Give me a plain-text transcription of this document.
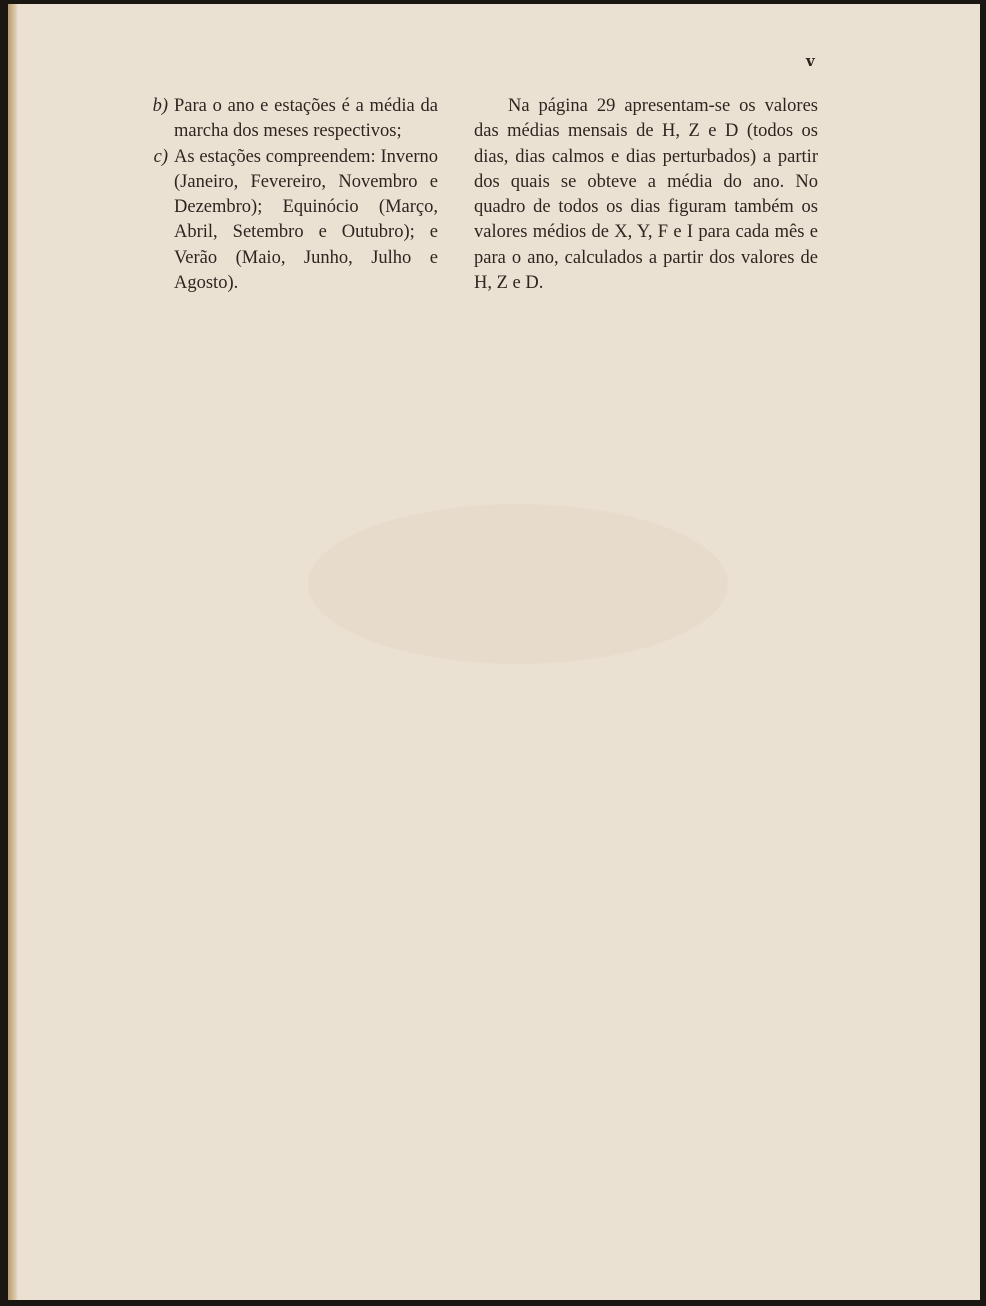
v
b) Para o ano e estações é a média da marcha dos meses respectivos;
c) As estações compreendem: Inverno (Janeiro, Fevereiro, Novembro e Dezembro); Equinócio (Março, Abril, Setembro e Outubro); e Verão (Maio, Junho, Julho e Agosto).

Na página 29 apresentam-se os valores das médias mensais de H, Z e D (todos os dias, dias calmos e dias perturbados) a partir dos quais se obteve a média do ano. No quadro de todos os dias figuram também os valores médios de X, Y, F e I para cada mês e para o ano, calculados a partir dos valores de H, Z e D.
